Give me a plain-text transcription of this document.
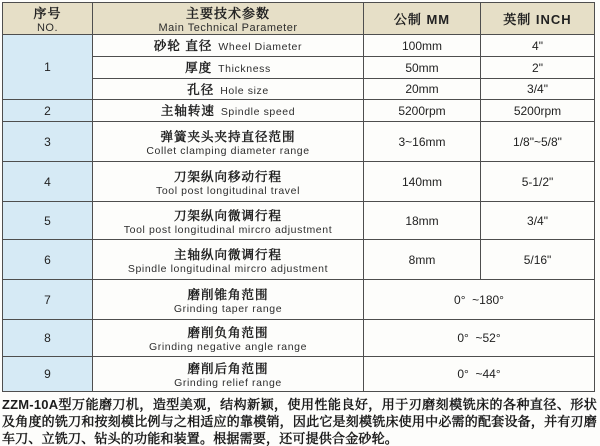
序号
NO.

主要技术参数
Main Technical Parameter
	公制 MM	英制 INCH
1	砂轮 直径 Wheel Diameter	100mm	4"
	厚度 Thickness	50mm	2"
	孔径 Hole size	20mm	3/4"
2	主轴转速 Spindle speed	5200rpm	5200rpm
3	弹簧夹头夹持直径范围
Collet clamping diameter range	3~16mm	1/8"~5/8"
4	刀架纵向移动行程
Tool post longitudinal travel	140mm	5-1/2"
5	刀架纵向微调行程
Tool post longitudinal mircro adjustment	18mm	3/4"
6	主轴纵向微调行程
Spindle longitudinal mircro adjustment	8mm	5/16"
7	磨削锥角范围
Grinding taper range	0°  ~180°	
8	磨削负角范围
Grinding negative angle range	0°  ~52°	
9	磨削后角范围
Grinding relief range	0°  ~44°	

ZZM-10A型万能磨刀机，造型美观，结构新颖，使用性能良好，用于刃磨刻模铣床的各种直径、形状及角度的铣刀和按刻模比例与之相适应的靠模销，因此它是刻模铣床使用中必需的配套设备，并有刃磨车刀、立铣刀、钻头的功能和装置。根据需要，还可提供合金砂轮。
